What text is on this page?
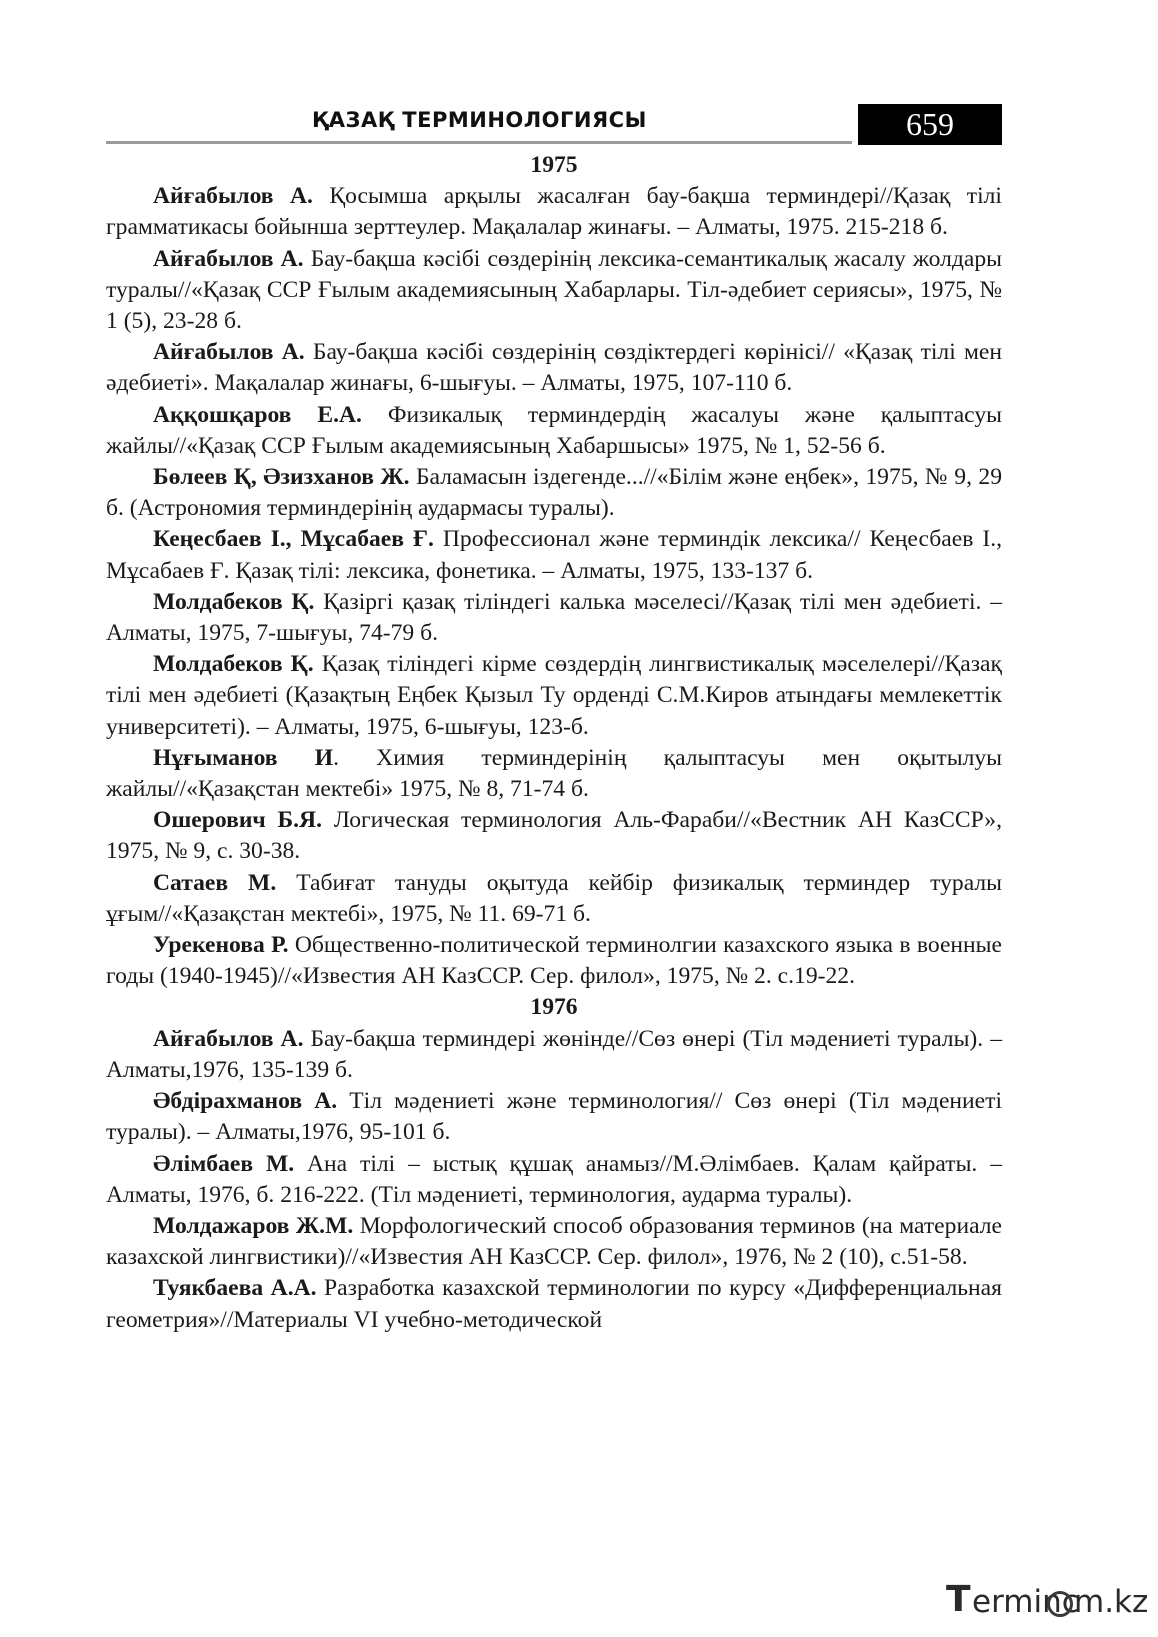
ҚАЗАҚ ТЕРМИНОЛОГИЯСЫ	659

1975

Айғабылов А. Қосымша арқылы жасалған бау-бақша терминдері//Қазақ тілі грамматикасы бойынша зерттеулер. Мақалалар жинағы. – Алматы, 1975. 215-218 б.

Айғабылов А. Бау-бақша кәсібі сөздерінің лексика-семантикалық жасалу жолдары туралы//«Қазақ ССР Ғылым академиясының Хабарлары. Тіл-әдебиет сериясы», 1975, № 1 (5), 23-28 б.

Айғабылов А. Бау-бақша кәсібі сөздерінің сөздіктердегі көрінісі// «Қазақ тілі мен әдебиеті». Мақалалар жинағы, 6-шығуы. – Алматы, 1975, 107-110 б.

Аққошқаров Е.А. Физикалық терминдердің жасалуы және қалыптасуы жайлы//«Қазақ ССР Ғылым академиясының Хабаршысы» 1975, № 1, 52-56 б.

Бөлеев Қ, Әзизханов Ж. Баламасын іздегенде...//«Білім және еңбек», 1975, № 9, 29 б. (Астрономия терминдерінің аудармасы туралы).

Кеңесбаев І., Мұсабаев Ғ. Профессионал және терминдік лексика// Кеңесбаев І., Мұсабаев Ғ. Қазақ тілі: лексика, фонетика. – Алматы, 1975, 133-137 б.

Молдабеков Қ. Қазіргі қазақ тіліндегі калька мәселесі//Қазақ тілі мен әдебиеті. – Алматы, 1975, 7-шығуы, 74-79 б.

Молдабеков Қ. Қазақ тіліндегі кірме сөздердің лингвистикалық мәселелері//Қазақ тілі мен әдебиеті (Қазақтың Еңбек Қызыл Ту орденді С.М.Киров атындағы мемлекеттік университеті). – Алматы, 1975, 6-шығуы, 123-б.

Нұғыманов И. Химия терминдерінің қалыптасуы мен оқытылуы жайлы//«Қазақстан мектебі» 1975, № 8, 71-74 б.

Ошерович Б.Я. Логическая терминология Аль-Фараби//«Вестник АН КазССР», 1975, № 9, с. 30-38.

Сатаев М. Табиғат тануды оқытуда кейбір физикалық терминдер туралы ұғым//«Қазақстан мектебі», 1975, № 11. 69-71 б.

Урекенова Р. Общественно-политической терминолгии казахского языка в военные годы (1940-1945)//«Известия АН КазССР. Сер. филол», 1975, № 2. с.19-22.

1976

Айғабылов А. Бау-бақша терминдері жөнінде//Сөз өнері (Тіл мәдениеті туралы). – Алматы,1976, 135-139 б.

Әбдірахманов А. Тіл мәдениеті және терминология// Сөз өнері (Тіл мәдениеті туралы). – Алматы,1976, 95-101 б.

Әлімбаев М. Ана тілі – ыстық құшақ анамыз//М.Әлімбаев. Қалам қайраты. – Алматы, 1976, б. 216-222. (Тіл мәдениеті, терминология, аударма туралы).

Молдажаров Ж.М. Морфологический способ образования терминов (на материале казахской лингвистики)//«Известия АН КазССР. Сер. филол», 1976, № 2 (10), с.51-58.

Туякбаева А.А. Разработка казахской терминологии по курсу «Дифференциальная геометрия»//Материалы VI учебно-методической

T erminc
m.kz
